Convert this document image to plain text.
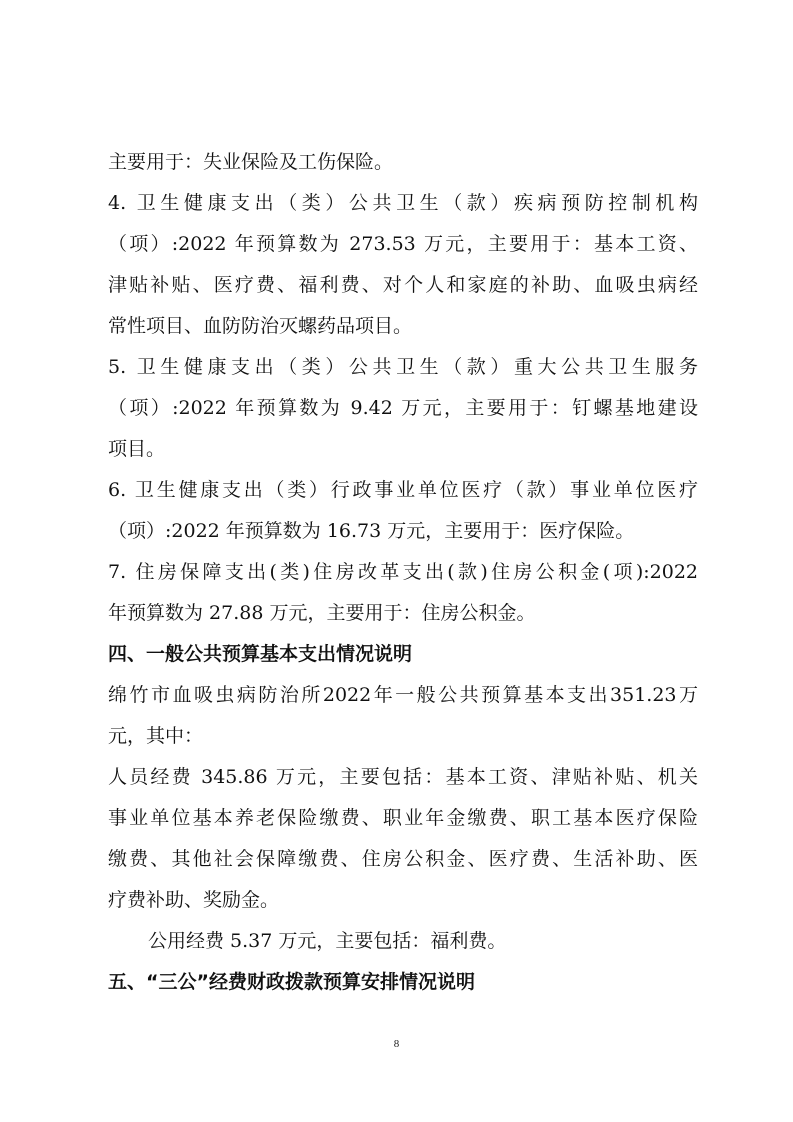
主要用于：失业保险及工伤保险。
4. 卫生健康支出（类）公共卫生（款）疾病预防控制机构
（项）:2022 年预算数为 273.53 万元，主要用于：基本工资、
津贴补贴、医疗费、福利费、对个人和家庭的补助、血吸虫病经
常性项目、血防防治灭螺药品项目。
5. 卫生健康支出（类）公共卫生（款）重大公共卫生服务
（项）:2022 年预算数为 9.42 万元，主要用于：钉螺基地建设
项目。
6. 卫生健康支出（类）行政事业单位医疗（款）事业单位医疗
（项）:2022 年预算数为 16.73 万元，主要用于：医疗保险。
7. 住房保障支出(类)住房改革支出(款)住房公积金(项):2022
年预算数为 27.88 万元，主要用于：住房公积金。
四、一般公共预算基本支出情况说明
绵竹市血吸虫病防治所2022年一般公共预算基本支出351.23万
元，其中：
人员经费 345.86 万元，主要包括：基本工资、津贴补贴、机关
事业单位基本养老保险缴费、职业年金缴费、职工基本医疗保险
缴费、其他社会保障缴费、住房公积金、医疗费、生活补助、医
疗费补助、奖励金。
公用经费 5.37 万元，主要包括：福利费。
五、“三公”经费财政拨款预算安排情况说明
8
